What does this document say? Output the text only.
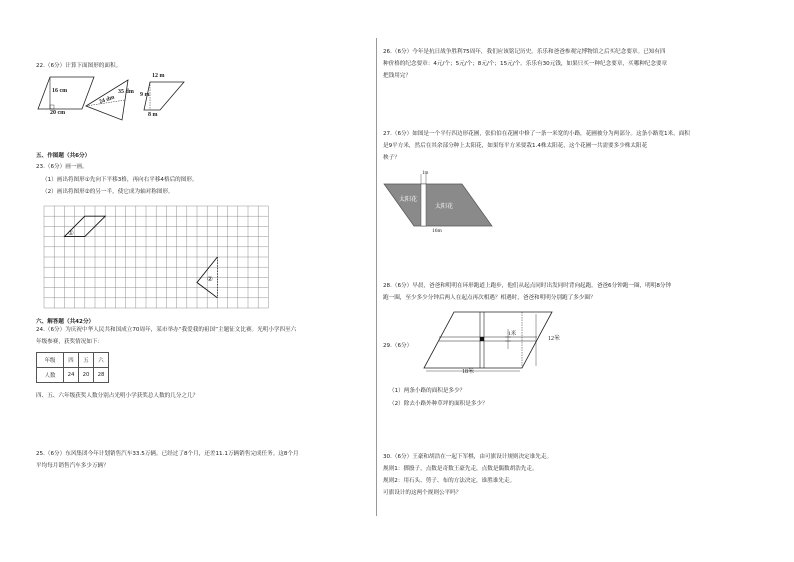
22.（6分）计算下面图形的面积。
16 cm
20 cm
35 dm
24 dm
12 m
9 m
8 m
五、作图题（共6分）
23.（6分）画一画。
（1）画出将图形①先向下平移3格，再向右平移4格后的图形。
（2）画出将图形②的另一半，使它成为轴对称图形。
①
②
六、解答题（共42分）
24.（6分）为庆祝中华人民共和国成立70周年，某市举办“我爱我的祖国”主题征文比赛。光明小学四至六
年级参赛，获奖情况如下：
年级	四	五	六
人数	24	20	28
四、五、六年级获奖人数分别占光明小学获奖总人数的几分之几？
25.（6分）东风集团今年计划销售汽车33.5万辆。已经过了8个月，还差11.1万辆销售完成任务。这8个月
平均每月销售汽车多少万辆？
26.（6分）今年是抗日战争胜利75周年，我们应该铭记历史。乐乐和爸爸参观完博物馆之后买纪念要章。已知有四
种价格的纪念要章：4元/个；5元/个；8元/个；15元/个。乐乐有30元钱，如果只买一种纪念要章，买哪种纪念要章
把钱用完？
27.（6分）如图是一个平行四边形花圃，张伯伯在花圃中修了一条一米宽的小路，花圃被分为两部分。这条小路宽1米，面积
是9平方米，然后在其余部分种上太阳花，如果每平方米要栽1.4株太阳花，这个花圃一共需要多少株太阳花
秧子？
1m
太阳花
太阳花
16m
28.（6分）早晨，爸爸和明明在环形跑道上跑步，他们从起点同时出发同时背向起跑。爸爸6分钟跑一圈，明明8分钟
跑一圈，至少多少分钟后两人在起点再次相遇？相遇时，爸爸和明明分别跑了多少圈？
29.（6分）
12米
18米
1米
（1）两条小路的面积是多少？
（2）除去小路外种草坪的面积是多少？
30.（6分）王豪和胡浩在一起下军棋，由可旗设计规则决定谁先走。
规则1：掷骰子，点数是奇数王豪先走，点数是偶数胡浩先走。
规则2：用石头、剪子、布的方法决定，谁胜谁先走。
可旗设计的这两个规则公平吗？
